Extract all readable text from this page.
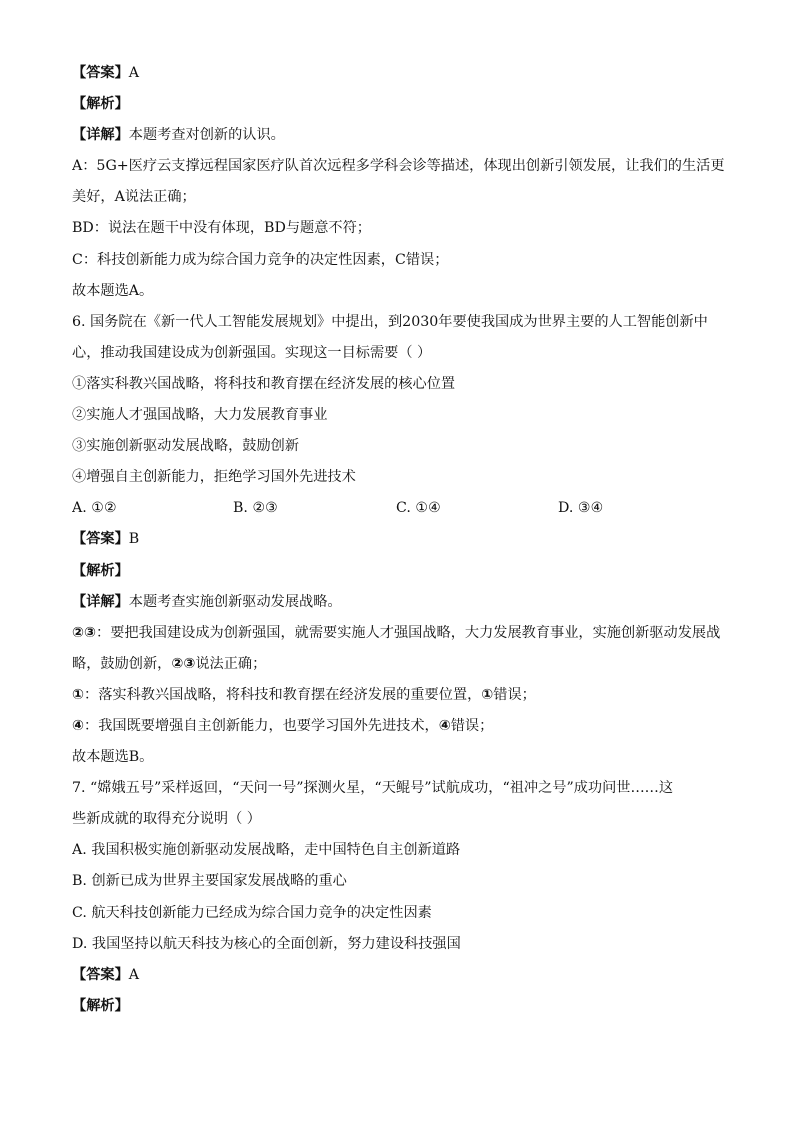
【答案】A
【解析】
【详解】本题考查对创新的认识。
A：5G+医疗云支撑远程国家医疗队首次远程多学科会诊等描述，体现出创新引领发展，让我们的生活更
美好，A说法正确；
BD：说法在题干中没有体现，BD与题意不符；
C：科技创新能力成为综合国力竞争的决定性因素，C错误；
故本题选A。
6. 国务院在《新一代人工智能发展规划》中提出，到2030年要使我国成为世界主要的人工智能创新中
心，推动我国建设成为创新强国。实现这一目标需要（ ）
①落实科教兴国战略，将科技和教育摆在经济发展的核心位置
②实施人才强国战略，大力发展教育事业
③实施创新驱动发展战略，鼓励创新
④增强自主创新能力，拒绝学习国外先进技术
A. ①②	B. ②③	C. ①④	D. ③④
【答案】B
【解析】
【详解】本题考查实施创新驱动发展战略。
②③：要把我国建设成为创新强国，就需要实施人才强国战略，大力发展教育事业，实施创新驱动发展战
略，鼓励创新，②③说法正确；
①：落实科教兴国战略，将科技和教育摆在经济发展的重要位置，①错误；
④：我国既要增强自主创新能力，也要学习国外先进技术，④错误；
故本题选B。
7. “嫦娥五号”采样返回，“天问一号”探测火星，“天鲲号”试航成功，“祖冲之号”成功问世……这
些新成就的取得充分说明（ ）
A. 我国积极实施创新驱动发展战略，走中国特色自主创新道路
B. 创新已成为世界主要国家发展战略的重心
C. 航天科技创新能力已经成为综合国力竞争的决定性因素
D. 我国坚持以航天科技为核心的全面创新，努力建设科技强国
【答案】A
【解析】
